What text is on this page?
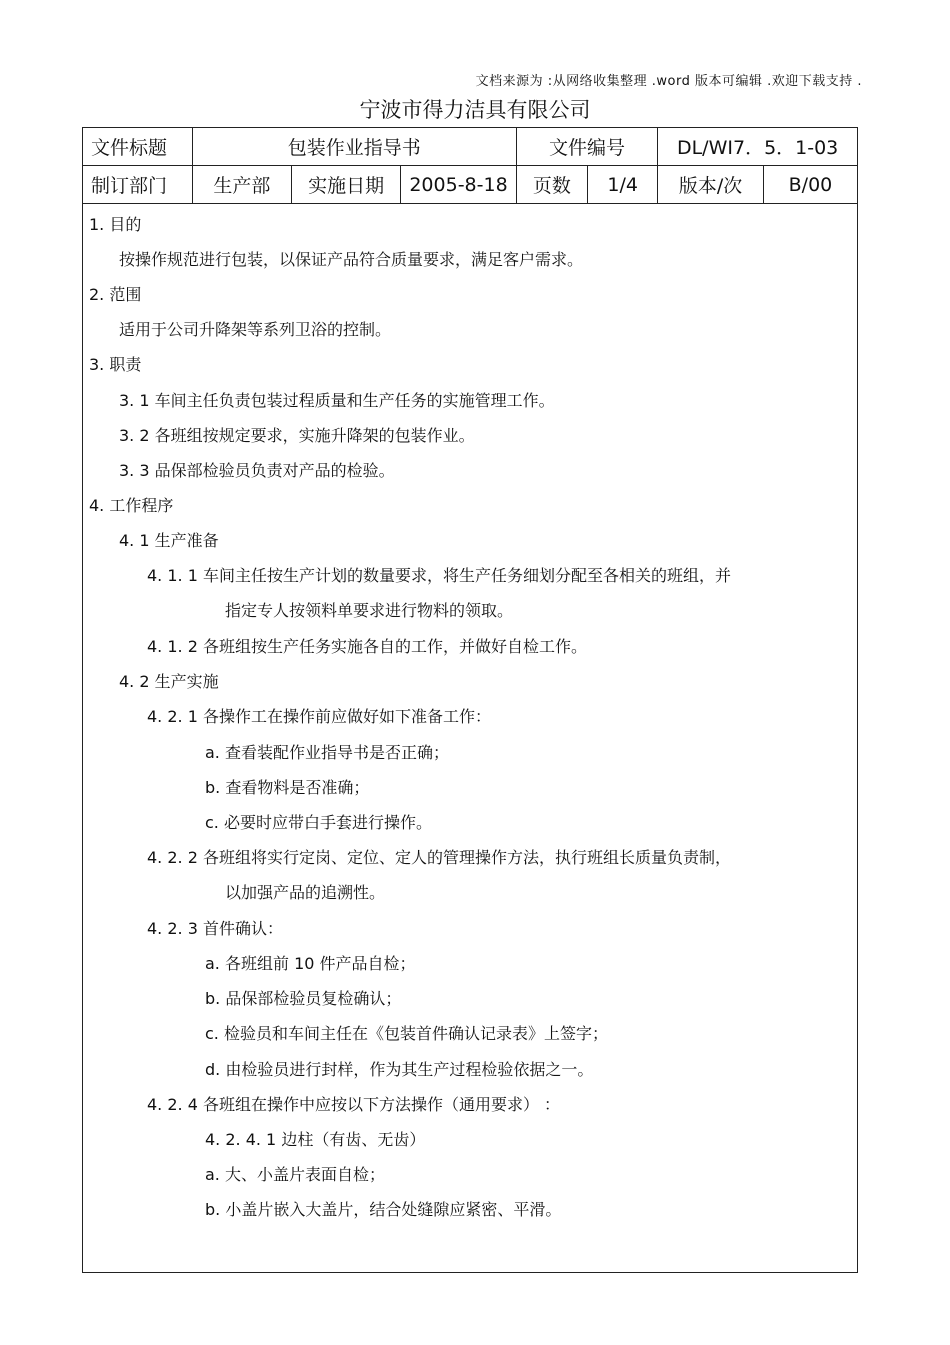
文档来源为 :从网络收集整理 .word 版本可编辑 .欢迎下载支持 .
宁波市得力洁具有限公司
文件标题	包装作业指导书			文件编号		DL/WI7．5．1-03	
制订部门	生产部	实施日期	2005-8-18	页数	1/4	版本/次	B/00
1. 目的
按操作规范进行包装，以保证产品符合质量要求，满足客户需求。
2. 范围
适用于公司升降架等系列卫浴的控制。
3. 职责
3. 1 车间主任负责包装过程质量和生产任务的实施管理工作。
3. 2 各班组按规定要求，实施升降架的包装作业。
3. 3 品保部检验员负责对产品的检验。
4. 工作程序
4. 1 生产准备
4. 1. 1 车间主任按生产计划的数量要求，将生产任务细划分配至各相关的班组，并
指定专人按领料单要求进行物料的领取。
4. 1. 2 各班组按生产任务实施各自的工作，并做好自检工作。
4. 2 生产实施
4. 2. 1 各操作工在操作前应做好如下准备工作：
a. 查看装配作业指导书是否正确；
b. 查看物料是否准确；
c. 必要时应带白手套进行操作。
4. 2. 2 各班组将实行定岗、定位、定人的管理操作方法，执行班组长质量负责制，
以加强产品的追溯性。
4. 2. 3 首件确认：
a. 各班组前 10 件产品自检；
b. 品保部检验员复检确认；
c. 检验员和车间主任在《包装首件确认记录表》上签字；
d. 由检验员进行封样，作为其生产过程检验依据之一。
4. 2. 4 各班组在操作中应按以下方法操作（通用要求） ：
4. 2. 4. 1 边柱（有齿、无齿）
a. 大、小盖片表面自检；
b. 小盖片嵌入大盖片，结合处缝隙应紧密、平滑。
